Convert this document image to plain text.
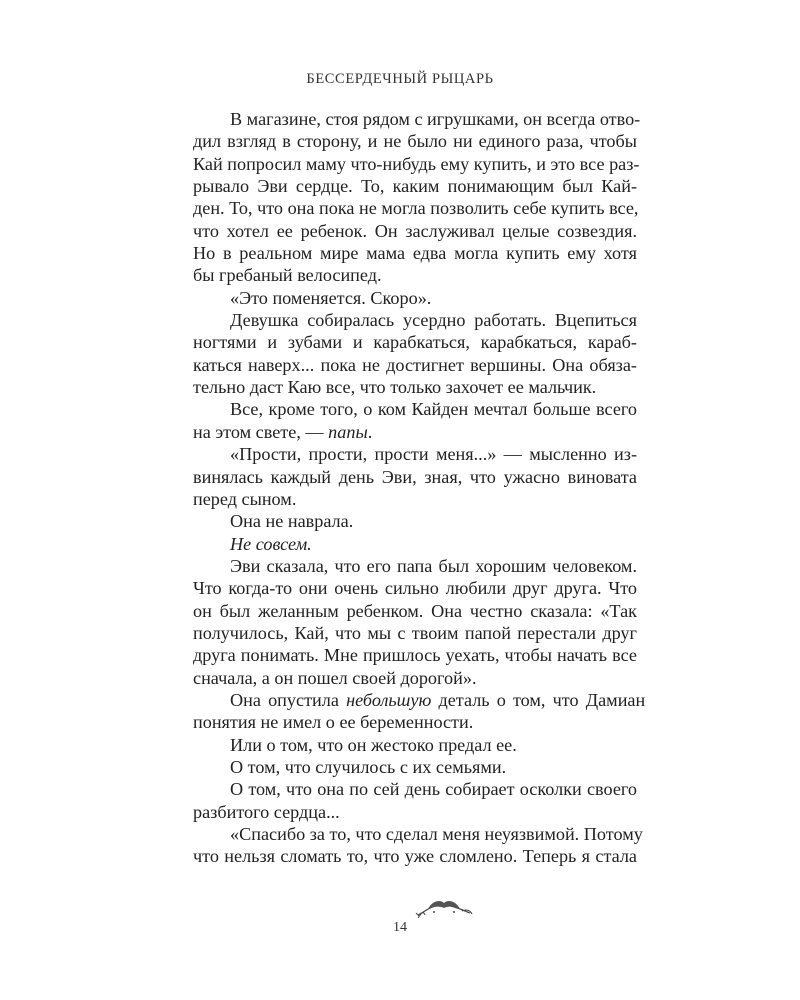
БЕССЕРДЕЧНЫЙ РЫЦАРЬ
В магазине, стоя рядом с игрушками, он всегда отво-
дил взгляд в сторону, и не было ни единого раза, чтобы
Кай попросил маму что-нибудь ему купить, и это все раз-
рывало Эви сердце. То, каким понимающим был Кай-
ден. То, что она пока не могла позволить себе купить все,
что хотел ее ребенок. Он заслуживал целые созвездия.
Но в реальном мире мама едва могла купить ему хотя
бы гребаный велосипед.
«Это поменяется. Скоро».
Девушка собиралась усердно работать. Вцепиться
ногтями и зубами и карабкаться, карабкаться, караб-
каться наверх... пока не достигнет вершины. Она обяза-
тельно даст Каю все, что только захочет ее мальчик.
Все, кроме того, о ком Кайден мечтал больше всего
на этом свете, — папы.
«Прости, прости, прости меня...» — мысленно из-
винялась каждый день Эви, зная, что ужасно виновата
перед сыном.
Она не наврала.
Не совсем.
Эви сказала, что его папа был хорошим человеком.
Что когда-то они очень сильно любили друг друга. Что
он был желанным ребенком. Она честно сказала: «Так
получилось, Кай, что мы с твоим папой перестали друг
друга понимать. Мне пришлось уехать, чтобы начать все
сначала, а он пошел своей дорогой».
Она опустила небольшую деталь о том, что Дамиан
понятия не имел о ее беременности.
Или о том, что он жестоко предал ее.
О том, что случилось с их семьями.
О том, что она по сей день собирает осколки своего
разбитого сердца...
«Спасибо за то, что сделал меня неуязвимой. Потому
что нельзя сломать то, что уже сломлено. Теперь я стала
14
